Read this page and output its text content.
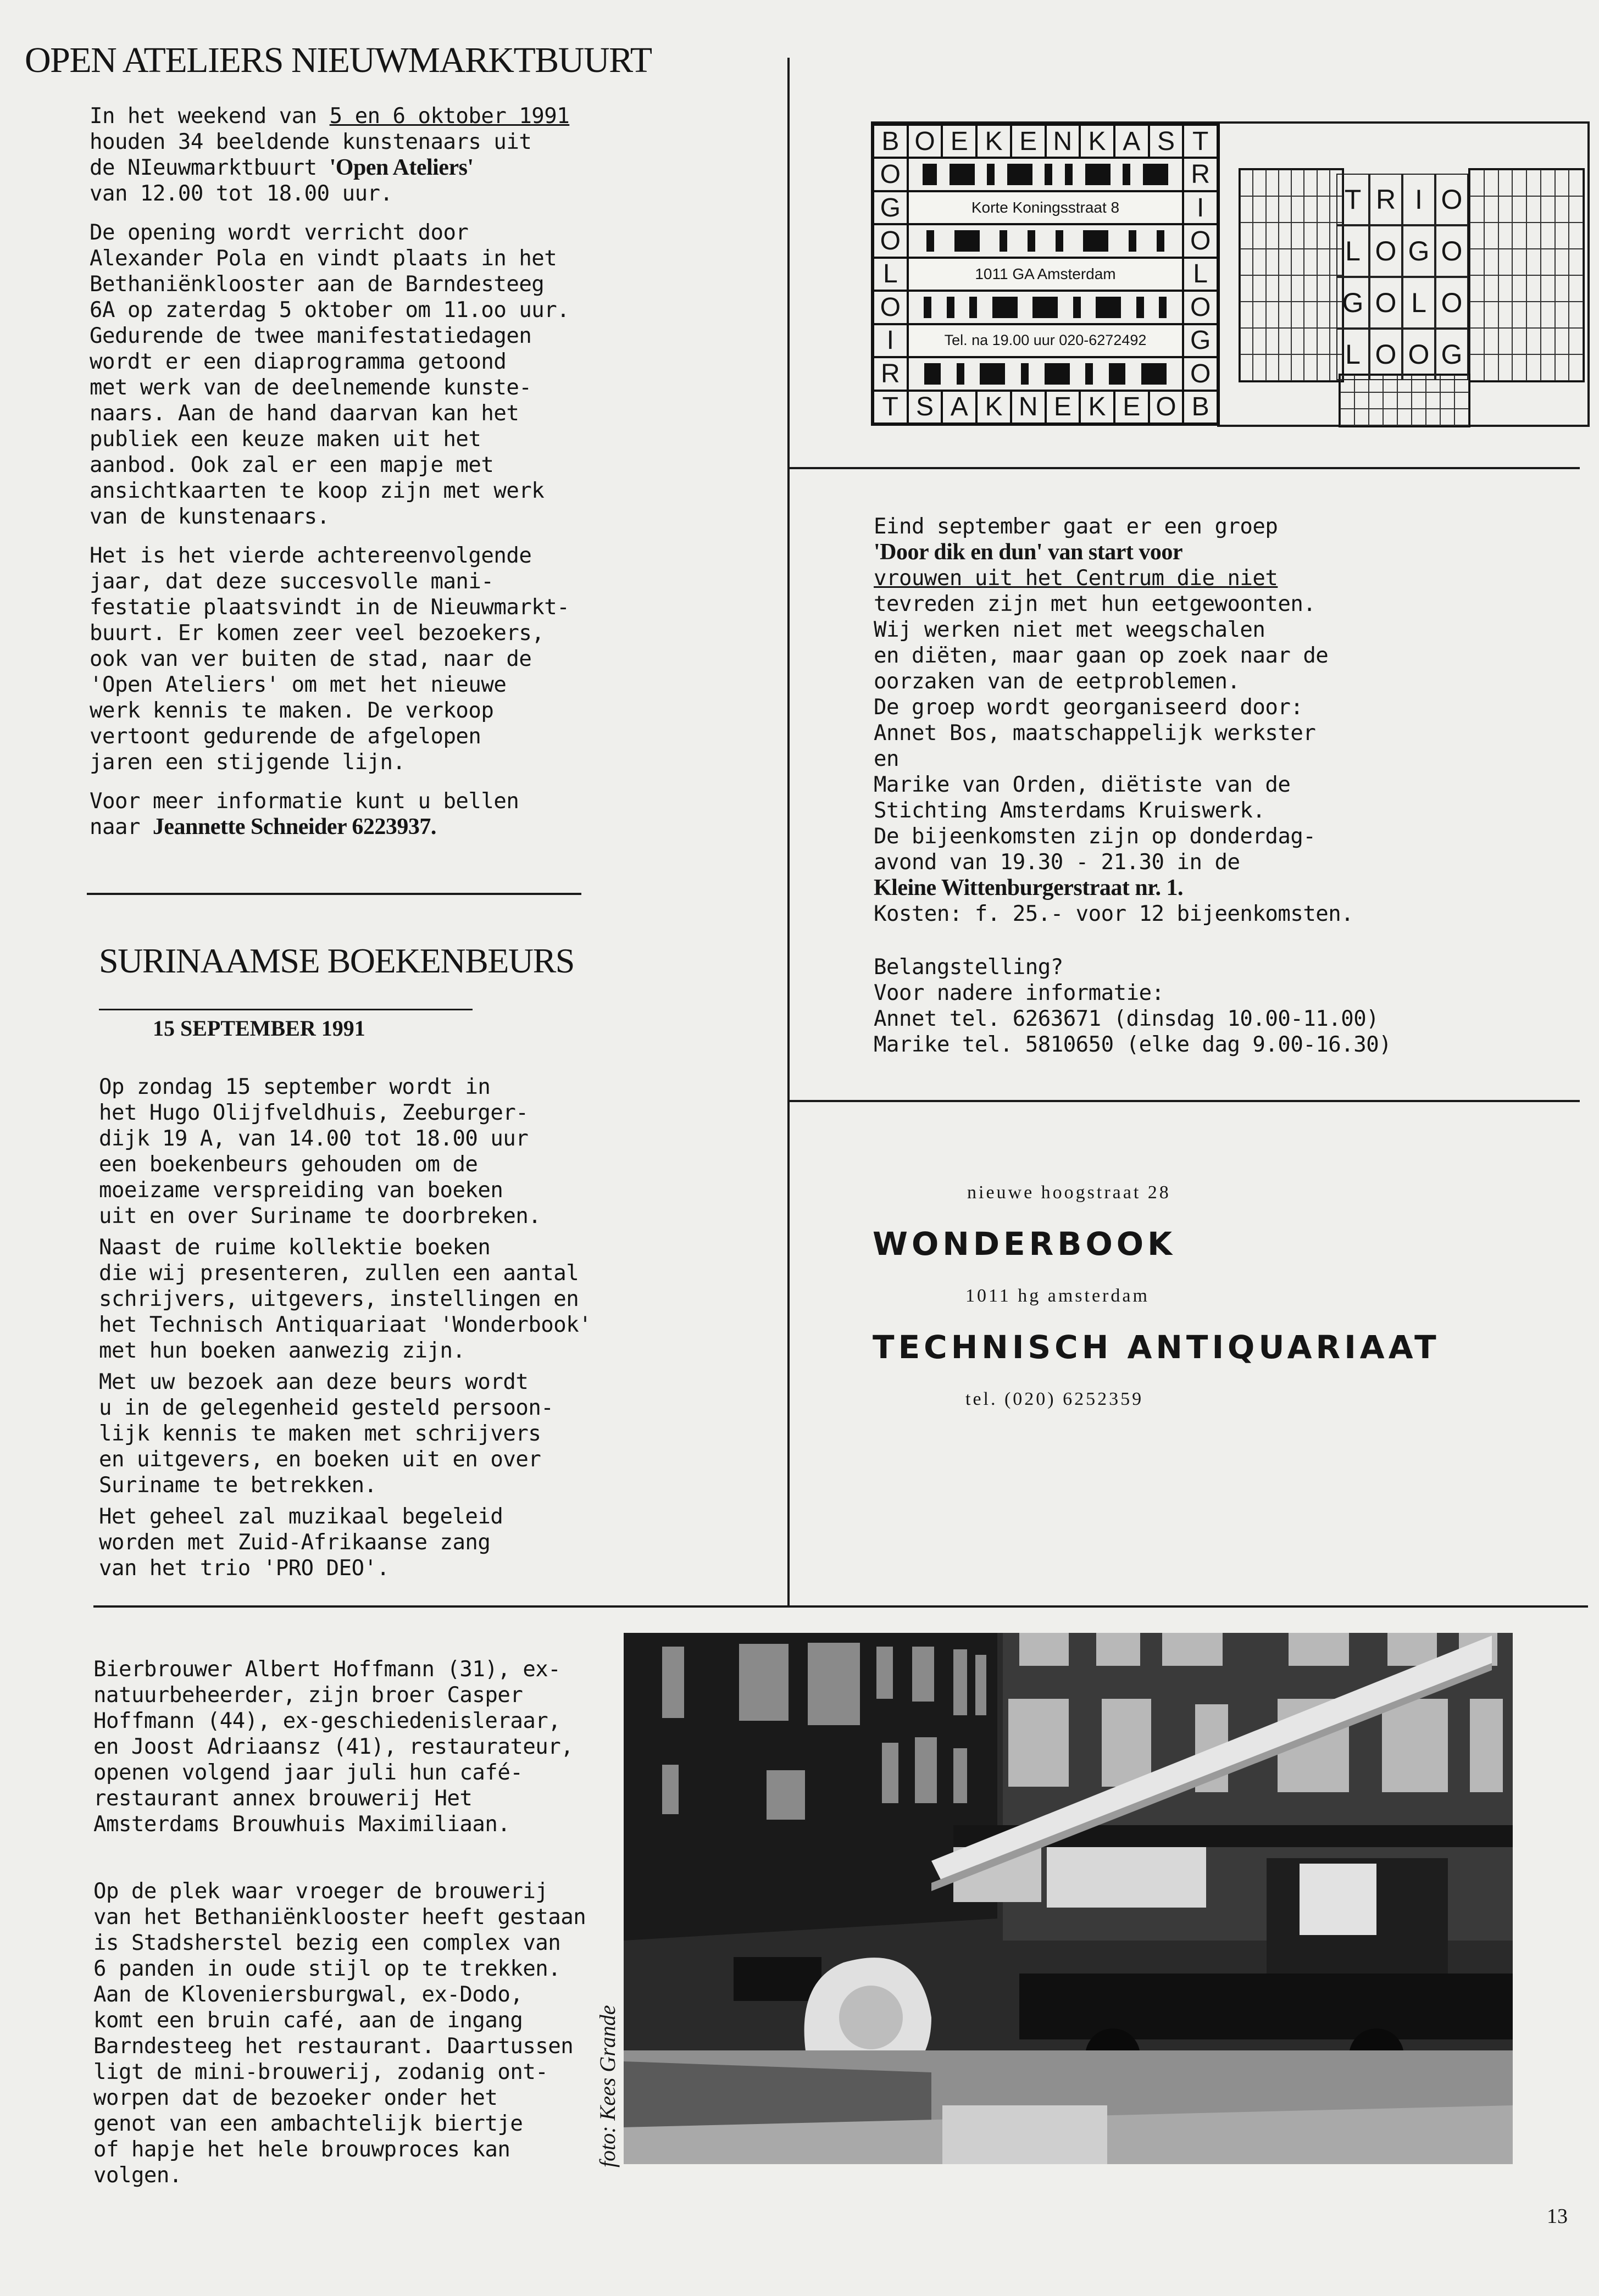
OPEN ATELIERS NIEUWMARKTBUURT

In het weekend van 5 en 6 oktober 1991
houden 34 beeldende kunstenaars uit
de NIeuwmarktbuurt 'Open Ateliers'
van 12.00 tot 18.00 uur.

De opening wordt verricht door
Alexander Pola en vindt plaats in het
Bethaniënklooster aan de Barndesteeg
6A op zaterdag 5 oktober om 11.oo uur.
Gedurende de twee manifestatiedagen
wordt er een diaprogramma getoond
met werk van de deelnemende kunste-
naars. Aan de hand daarvan kan het
publiek een keuze maken uit het
aanbod. Ook zal er een mapje met
ansichtkaarten te koop zijn met werk
van de kunstenaars.

Het is het vierde achtereenvolgende
jaar, dat deze succesvolle mani-
festatie plaatsvindt in de Nieuwmarkt-
buurt. Er komen zeer veel bezoekers,
ook van ver buiten de stad, naar de
'Open Ateliers' om met het nieuwe
werk kennis te maken. De verkoop
vertoont gedurende de afgelopen
jaren een stijgende lijn.

Voor meer informatie kunt u bellen
naar Jeannette Schneider 6223937.

SURINAAMSE BOEKENBEURS
15 SEPTEMBER 1991

Op zondag 15 september wordt in
het Hugo Olijfveldhuis, Zeeburger-
dijk 19 A, van 14.00 tot 18.00 uur
een boekenbeurs gehouden om de
moeizame verspreiding van boeken
uit en over Suriname te doorbreken.

Naast de ruime kollektie boeken
die wij presenteren, zullen een aantal
schrijvers, uitgevers, instellingen en
het Technisch Antiquariaat 'Wonderbook'
met hun boeken aanwezig zijn.

Met uw bezoek aan deze beurs wordt
u in de gelegenheid gesteld persoon-
lijk kennis te maken met schrijvers
en uitgevers, en boeken uit en over
Suriname te betrekken.

Het geheel zal muzikaal begeleid
worden met Zuid-Afrikaanse zang
van het trio 'PRO DEO'.

B O E K E N K A S T
O	R
G	Korte Koningsstraat 8	I
O	O
L	1011 GA Amsterdam	L
O	O
I	Tel. na 19.00 uur 020-6272492	G
R	O
T S A K N E K E O B
T R I O
L O G O
G O L O
L O O G

Eind september gaat er een groep
'Door dik en dun' van start voor
vrouwen uit het Centrum die niet
tevreden zijn met hun eetgewoonten.
Wij werken niet met weegschalen
en diëten, maar gaan op zoek naar de
oorzaken van de eetproblemen.
De groep wordt georganiseerd door:
Annet Bos, maatschappelijk werkster
en
Marike van Orden, diëtiste van de
Stichting Amsterdams Kruiswerk.
De bijeenkomsten zijn op donderdag-
avond van 19.30 - 21.30 in de
Kleine Wittenburgerstraat nr. 1.
Kosten: f. 25.- voor 12 bijeenkomsten.

Belangstelling?
Voor nadere informatie:
Annet tel. 6263671 (dinsdag 10.00-11.00)
Marike tel. 5810650 (elke dag 9.00-16.30)

nieuwe hoogstraat 28
WONDERBOOK
1011 hg amsterdam
TECHNISCH ANTIQUARIAAT
tel. (020) 6252359

Bierbrouwer Albert Hoffmann (31), ex-
natuurbeheerder, zijn broer Casper
Hoffmann (44), ex-geschiedenisleraar,
en Joost Adriaansz (41), restaurateur,
openen volgend jaar juli hun café-
restaurant annex brouwerij Het
Amsterdams Brouwhuis Maximiliaan.

Op de plek waar vroeger de brouwerij
van het Bethaniënklooster heeft gestaan
is Stadsherstel bezig een complex van
6 panden in oude stijl op te trekken.
Aan de Kloveniersburgwal, ex-Dodo,
komt een bruin café, aan de ingang
Barndesteeg het restaurant. Daartussen
ligt de mini-brouwerij, zodanig ont-
worpen dat de bezoeker onder het
genot van een ambachtelijk biertje
of hapje het hele brouwproces kan
volgen.

foto: Kees Grande
13
